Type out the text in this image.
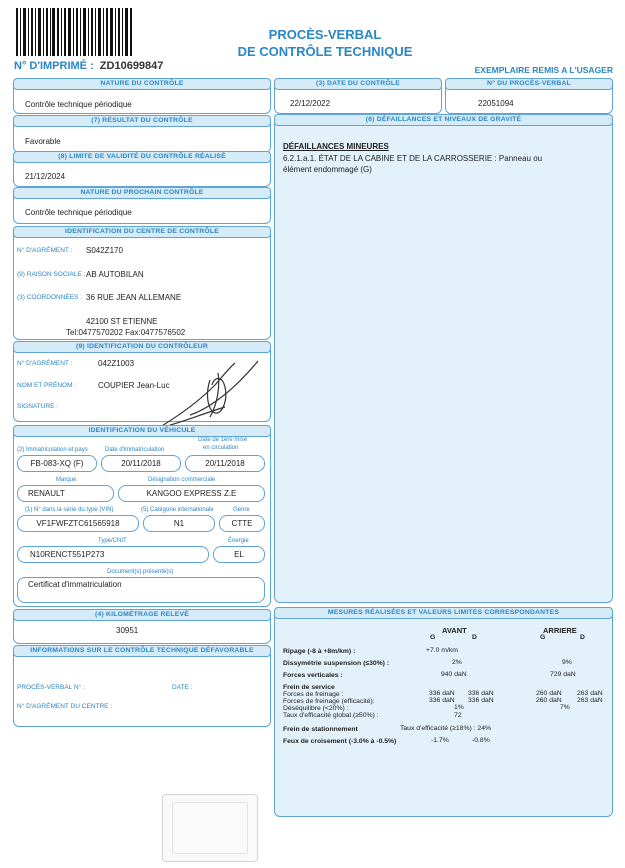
PROCÈS-VERBAL
DE CONTRÔLE TECHNIQUE
N° D'IMPRIMÉ : ZD10699847	EXEMPLAIRE REMIS A L'USAGER
NATURE DU CONTRÔLE
Contrôle technique périodique
(3) DATE DU CONTRÔLE
22/12/2022
N° DU PROCÈS-VERBAL
22051094
(7) RÉSULTAT DU CONTRÔLE
Favorable
(8) LIMITE DE VALIDITÉ DU CONTRÔLE RÉALISÉ
21/12/2024
NATURE DU PROCHAIN CONTRÔLE
Contrôle technique périodique
(6) DÉFAILLANCES ET NIVEAUX DE GRAVITÉ
DÉFAILLANCES MINEURES
6.2.1.a.1. ÉTAT DE LA CABINE ET DE LA CARROSSERIE : Panneau ou
élément endommagé (G)
IDENTIFICATION DU CENTRE DE CONTRÔLE
N° D'AGRÉMENT : S042Z170
(9) RAISON SOCIALE : AB AUTOBILAN
(3) COORDONNÉES : 36 RUE JEAN ALLEMANE
42100 ST ETIENNE
Tel:0477570202 Fax:0477576502
(9) IDENTIFICATION DU CONTRÔLEUR
N° D'AGRÉMENT :	042Z1003
NOM ET PRÉNOM :	COUPIER Jean-Luc
SIGNATURE :
IDENTIFICATION DU VÉHICULE
(2) Immatriculation et pays	Date d'immatriculation
Date de 1ère mise
en circulation
FB-083-XQ (F)	20/11/2018	20/11/2018
Marque	Désignation commerciale
RENAULT	KANGOO EXPRESS Z.E
(1) N° dans la série du type (VIN)	(5) Catégorie internationale	Genre
VF1FWFZTC61565918	N1	CTTE
Type/CNIT	Énergie
N10RENCT551P273	EL
Document(s) présenté(s)
Certificat d'immatriculation
(4) KILOMÉTRAGE RELEVÉ
30951
INFORMATIONS SUR LE CONTRÔLE TECHNIQUE DÉFAVORABLE
PROCÈS-VERBAL N° :	DATE :
N° D'AGRÉMENT DU CENTRE :
MESURES RÉALISÉES ET VALEURS LIMITES CORRESPONDANTES
AVANT	ARRIERE
G	D	G	D
Ripage (-8 à +8m/km) :	+7.0 m/km
Dissymétrie suspension (≤30%) :	2%	9%
Forces verticales :	940 daN	729 daN
Frein de service
Forces de freinage :	336 daN 336 daN	260 daN 263 daN
Forces de freinage (efficacité):	336 daN 336 daN	260 daN 263 daN
Déséquilibre (<20%) :	1%	7%
Taux d'efficacité global (≥50%) :	72
Frein de stationnement	Taux d'efficacité (≥18%) : 24%
Feux de croisement (-3.0% à -0.5%)	-1.7%	-0.8%
